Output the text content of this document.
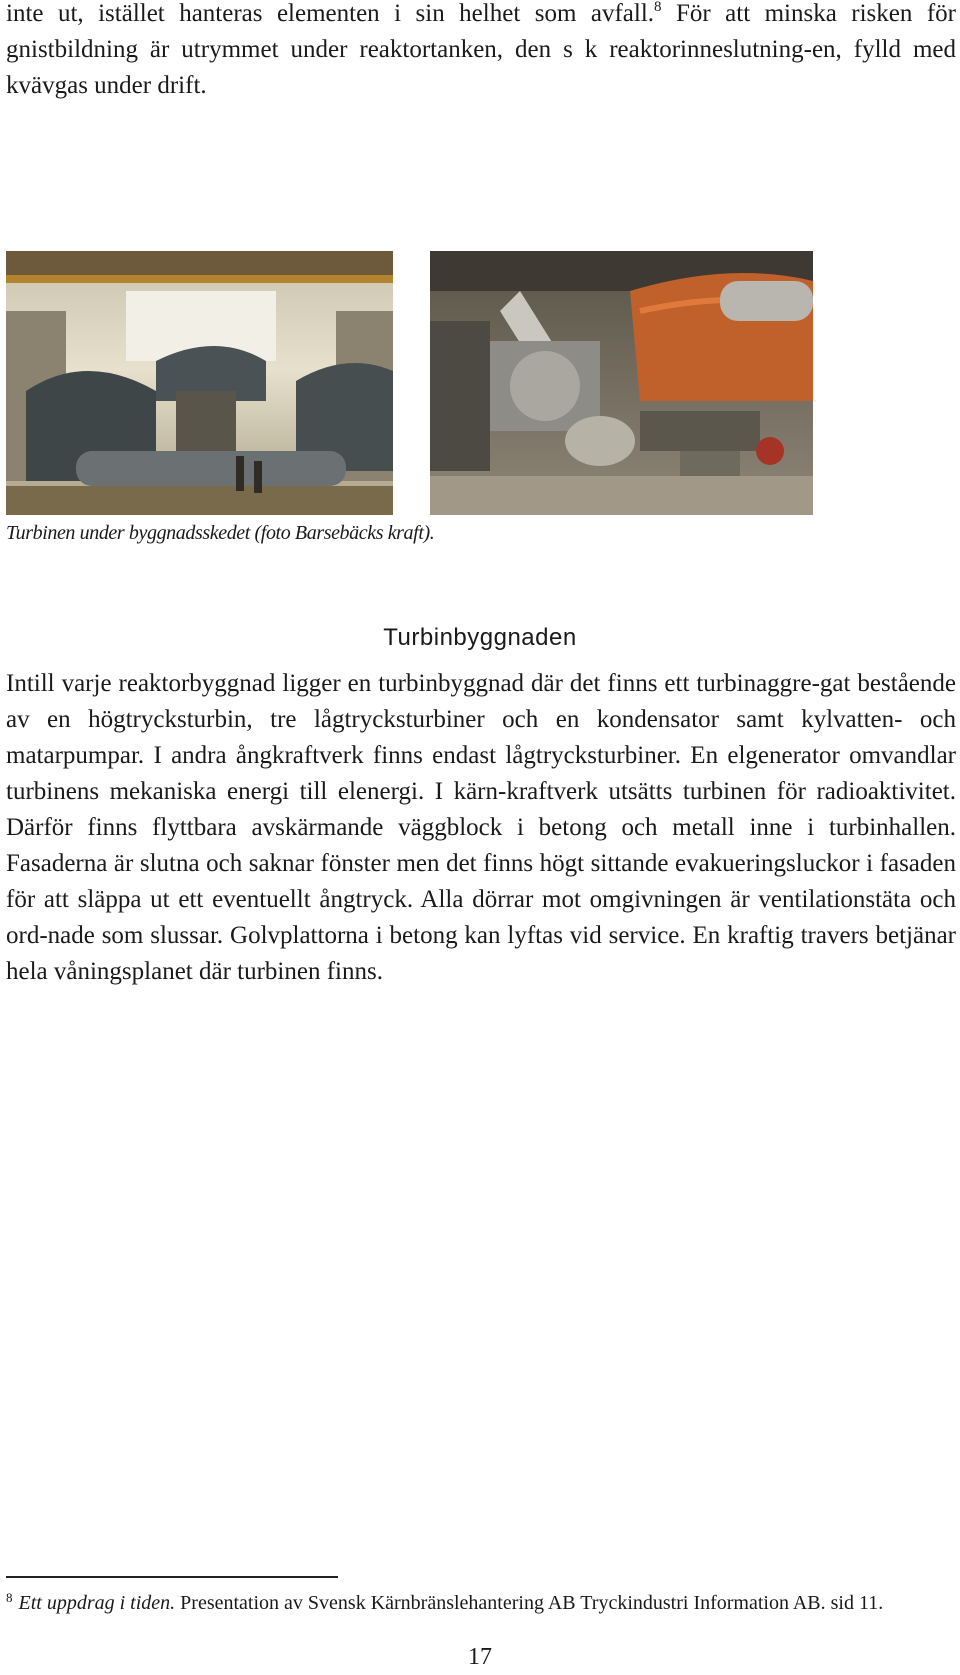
inte ut, istället hanteras elementen i sin helhet som avfall.$^8$ För att minska risken för gnistbildning är utrymmet under reaktortanken, den s k reaktorinneslutning-en, fylld med kvävgas under drift.
Turbinen under byggnadsskedet (foto Barsebäcks kraft).
Turbinbyggnaden
Intill varje reaktorbyggnad ligger en turbinbyggnad där det finns ett turbinaggre-gat bestående av en högtrycksturbin, tre lågtrycksturbiner och en kondensator samt kylvatten- och matarpumpar. I andra ångkraftverk finns endast lågtrycksturbiner. En elgenerator omvandlar turbinens mekaniska energi till elenergi. I kärn-kraftverk utsätts turbinen för radioaktivitet. Därför finns flyttbara avskärmande väggblock i betong och metall inne i turbinhallen. Fasaderna är slutna och saknar fönster men det finns högt sittande evakueringsluckor i fasaden för att släppa ut ett eventuellt ångtryck. Alla dörrar mot omgivningen är ventilationstäta och ord-nade som slussar. Golvplattorna i betong kan lyftas vid service. En kraftig travers betjänar hela våningsplanet där turbinen finns.
$^8$ Ett uppdrag i tiden. Presentation av Svensk Kärnbränslehantering AB Tryckindustri Information AB. sid 11.
17
